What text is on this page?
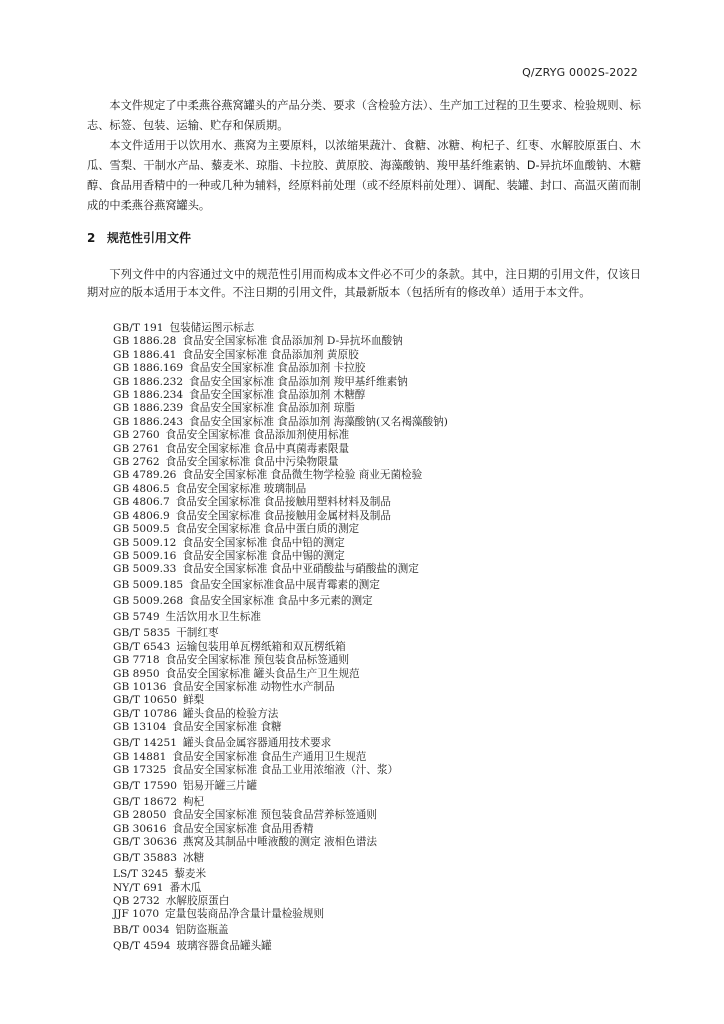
Q/ZRYG 0002S-2022

本文件规定了中柔燕谷燕窝罐头的产品分类、要求（含检验方法）、生产加工过程的卫生要求、检验规则、标志、标签、包装、运输、贮存和保质期。

本文件适用于以饮用水、燕窝为主要原料，以浓缩果蔬汁、食糖、冰糖、枸杞子、红枣、水解胶原蛋白、木瓜、雪梨、干制水产品、藜麦米、琼脂、卡拉胶、黄原胶、海藻酸钠、羧甲基纤维素钠、D-异抗坏血酸钠、木糖醇、食品用香精中的一种或几种为辅料，经原料前处理（或不经原料前处理）、调配、装罐、封口、高温灭菌而制成的中柔燕谷燕窝罐头。

2 规范性引用文件

下列文件中的内容通过文中的规范性引用而构成本文件必不可少的条款。其中，注日期的引用文件，仅该日期对应的版本适用于本文件。不注日期的引用文件，其最新版本（包括所有的修改单）适用于本文件。

GB/T 191 包装储运图示标志
GB 1886.28 食品安全国家标准 食品添加剂 D-异抗坏血酸钠
GB 1886.41 食品安全国家标准 食品添加剂 黄原胶
GB 1886.169 食品安全国家标准 食品添加剂 卡拉胶
GB 1886.232 食品安全国家标准 食品添加剂 羧甲基纤维素钠
GB 1886.234 食品安全国家标准 食品添加剂 木糖醇
GB 1886.239 食品安全国家标准 食品添加剂 琼脂
GB 1886.243 食品安全国家标准 食品添加剂 海藻酸钠(又名褐藻酸钠)
GB 2760 食品安全国家标准 食品添加剂使用标准
GB 2761 食品安全国家标准 食品中真菌毒素限量
GB 2762 食品安全国家标准 食品中污染物限量
GB 4789.26 食品安全国家标准 食品微生物学检验 商业无菌检验
GB 4806.5 食品安全国家标准 玻璃制品
GB 4806.7 食品安全国家标准 食品接触用塑料材料及制品
GB 4806.9 食品安全国家标准 食品接触用金属材料及制品
GB 5009.5 食品安全国家标准 食品中蛋白质的测定
GB 5009.12 食品安全国家标准 食品中铅的测定
GB 5009.16 食品安全国家标准 食品中锡的测定
GB 5009.33 食品安全国家标准 食品中亚硝酸盐与硝酸盐的测定
GB 5009.185 食品安全国家标准食品中展青霉素的测定
GB 5009.268 食品安全国家标准 食品中多元素的测定
GB 5749 生活饮用水卫生标准
GB/T 5835 干制红枣
GB/T 6543 运输包装用单瓦楞纸箱和双瓦楞纸箱
GB 7718 食品安全国家标准 预包装食品标签通则
GB 8950 食品安全国家标准 罐头食品生产卫生规范
GB 10136 食品安全国家标准 动物性水产制品
GB/T 10650 鲜梨
GB/T 10786 罐头食品的检验方法
GB 13104 食品安全国家标准 食糖
GB/T 14251 罐头食品金属容器通用技术要求
GB 14881 食品安全国家标准 食品生产通用卫生规范
GB 17325 食品安全国家标准 食品工业用浓缩液（汁、浆）
GB/T 17590 铝易开罐三片罐
GB/T 18672 枸杞
GB 28050 食品安全国家标准 预包装食品营养标签通则
GB 30616 食品安全国家标准 食品用香精
GB/T 30636 燕窝及其制品中唾液酸的测定 液相色谱法
GB/T 35883 冰糖
LS/T 3245 藜麦米
NY/T 691 番木瓜
QB 2732 水解胶原蛋白
JJF 1070 定量包装商品净含量计量检验规则
BB/T 0034 铝防盗瓶盖
QB/T 4594 玻璃容器食品罐头罐
